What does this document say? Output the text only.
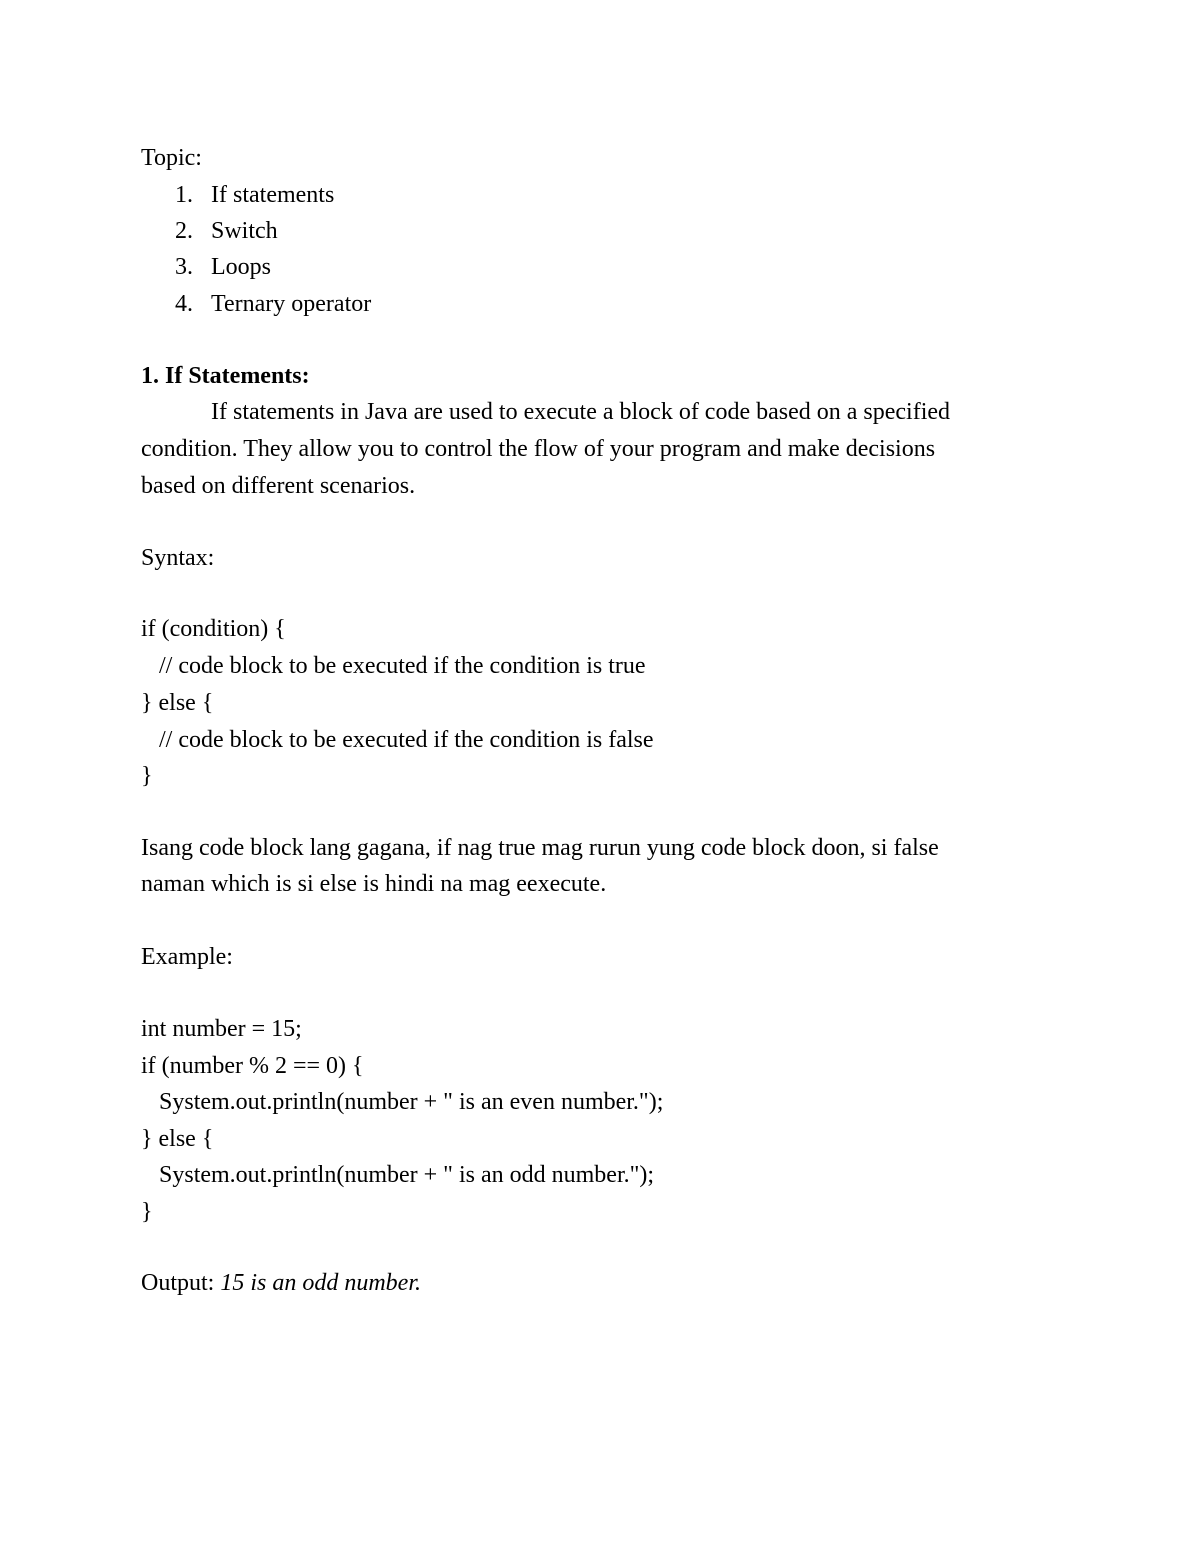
Topic:
1. If statements
2. Switch
3. Loops
4. Ternary operator
1. If Statements:
If statements in Java are used to execute a block of code based on a specified
condition. They allow you to control the flow of your program and make decisions
based on different scenarios.
Syntax:
if (condition) {
// code block to be executed if the condition is true
} else {
// code block to be executed if the condition is false
}
Isang code block lang gagana, if nag true mag rurun yung code block doon, si false
naman which is si else is hindi na mag eexecute.
Example:
int number = 15;
if (number % 2 == 0) {
System.out.println(number + " is an even number.");
} else {
System.out.println(number + " is an odd number.");
}
Output: 15 is an odd number.
